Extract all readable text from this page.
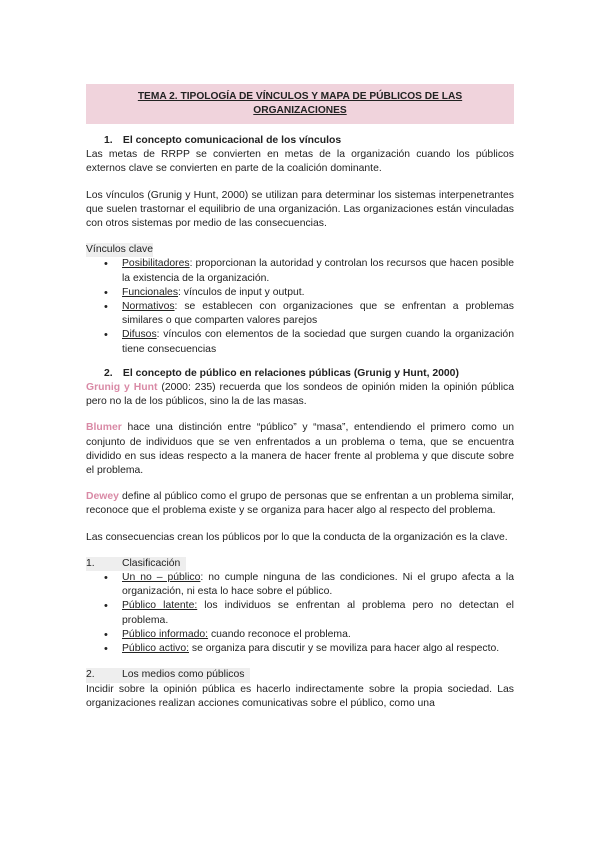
TEMA 2. TIPOLOGÍA DE VÍNCULOS Y MAPA DE PÚBLICOS DE LAS ORGANIZACIONES
1. El concepto comunicacional de los vínculos

Las metas de RRPP se convierten en metas de la organización cuando los públicos externos clave se convierten en parte de la coalición dominante.

Los vínculos (Grunig y Hunt, 2000) se utilizan para determinar los sistemas interpenetrantes que suelen trastornar el equilibrio de una organización. Las organizaciones están vinculadas con otros sistemas por medio de las consecuencias.

Vínculos clave
• Posibilitadores: proporcionan la autoridad y controlan los recursos que hacen posible la existencia de la organización.
• Funcionales: vínculos de input y output.
• Normativos: se establecen con organizaciones que se enfrentan a problemas similares o que comparten valores parejos
• Difusos: vínculos con elementos de la sociedad que surgen cuando la organización tiene consecuencias
2. El concepto de público en relaciones públicas (Grunig y Hunt, 2000)

Grunig y Hunt (2000: 235) recuerda que los sondeos de opinión miden la opinión pública pero no la de los públicos, sino la de las masas.

Blumer hace una distinción entre “público” y “masa”, entendiendo el primero como un conjunto de individuos que se ven enfrentados a un problema o tema, que se encuentra dividido en sus ideas respecto a la manera de hacer frente al problema y que discute sobre el problema.

Dewey define al público como el grupo de personas que se enfrentan a un problema similar, reconoce que el problema existe y se organiza para hacer algo al respecto del problema.

Las consecuencias crean los públicos por lo que la conducta de la organización es la clave.

1.	Clasificación
• Un no – público: no cumple ninguna de las condiciones. Ni el grupo afecta a la organización, ni esta lo hace sobre el público.
• Público latente: los individuos se enfrentan al problema pero no detectan el problema.
• Público informado: cuando reconoce el problema.
• Público activo: se organiza para discutir y se moviliza para hacer algo al respecto.
2.	Los medios como públicos

Incidir sobre la opinión pública es hacerlo indirectamente sobre la propia sociedad. Las organizaciones realizan acciones comunicativas sobre el público, como una
